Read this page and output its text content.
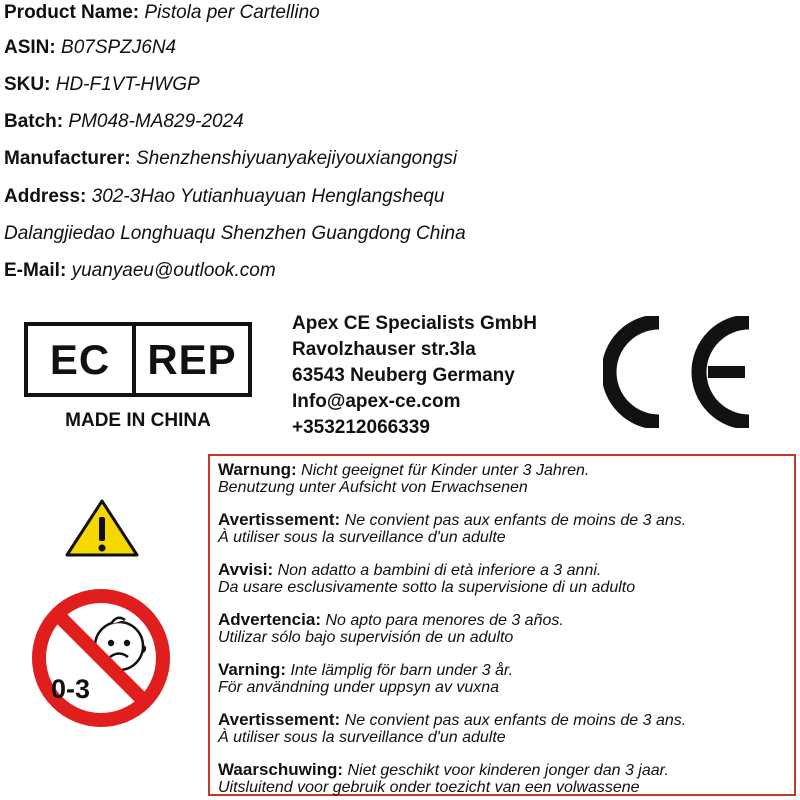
Product Name: Pistola per Cartellino
ASIN: B07SPZJ6N4
SKU: HD-F1VT-HWGP
Batch: PM048-MA829-2024
Manufacturer: Shenzhenshiyuanyakejiyouxiangongsi
Address: 302-3Hao Yutianhuayuan Henglangshequ
Dalangjiedao Longhuaqu Shenzhen Guangdong China
E-Mail: yuanyaeu@outlook.com
EC REP
MADE IN CHINA
Apex CE Specialists GmbH
Ravolzhauser str.3la
63543 Neuberg Germany
Info@apex-ce.com
+353212066339
0-3
Warnung: Nicht geeignet für Kinder unter 3 Jahren.
Benutzung unter Aufsicht von Erwachsenen
Avertissement: Ne convient pas aux enfants de moins de 3 ans.
À utiliser sous la surveillance d'un adulte
Avvisi: Non adatto a bambini di età inferiore a 3 anni.
Da usare esclusivamente sotto la supervisione di un adulto
Advertencia: No apto para menores de 3 años.
Utilizar sólo bajo supervisión de un adulto
Varning: Inte lämplig för barn under 3 år.
För användning under uppsyn av vuxna
Avertissement: Ne convient pas aux enfants de moins de 3 ans.
À utiliser sous la surveillance d'un adulte
Waarschuwing: Niet geschikt voor kinderen jonger dan 3 jaar.
Uitsluitend voor gebruik onder toezicht van een volwassene
